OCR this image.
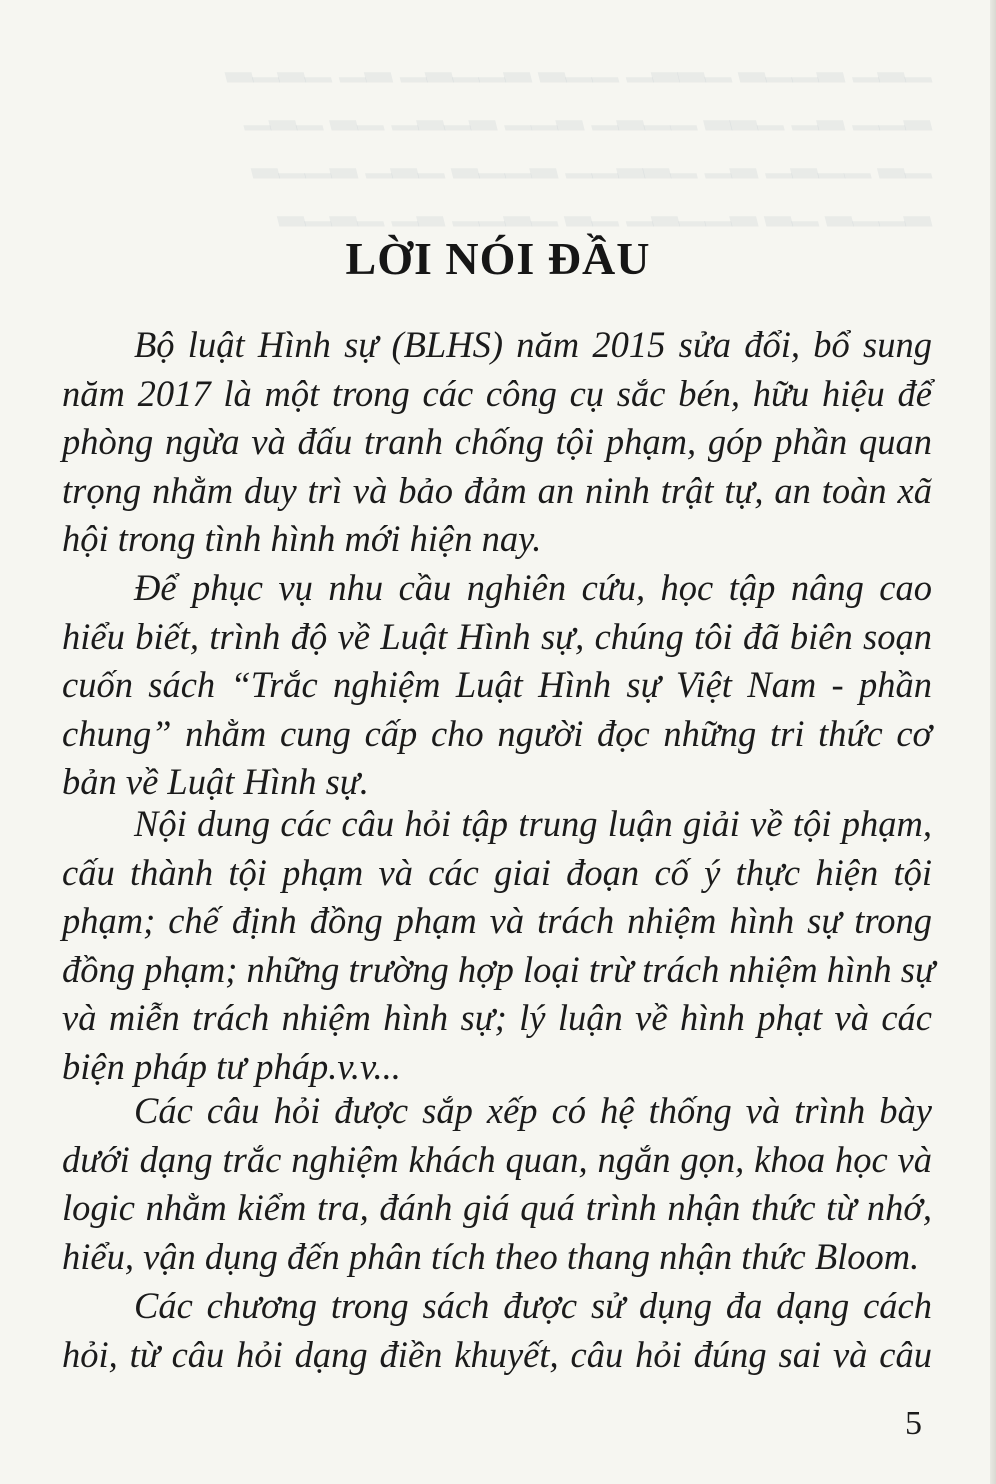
▁▂▁ ▂▁▁▂ ▁▂▂▁ ▁▁▂ ▂▁▁▂▁ ▂▁ ▁▂▁▂
▂▁▁ ▂▁ ▁▂▂ ▁▁▂▁ ▂▁▁ ▂▁▂▁ ▁▂ ▁▂▁
▁▂ ▁▁▂▁ ▂▁ ▁▂▂▁▁ ▂▁▁▂ ▁▂▁ ▂▁▁▂
▂▁▁▂ ▁▂ ▂▁▁▂▁ ▁▂ ▁▂▁▁ ▂▁ ▁▂▁▂
LỜI NÓI ĐẦU
Bộ luật Hình sự (BLHS) năm 2015 sửa đổi, bổ sung
năm 2017 là một trong các công cụ sắc bén, hữu hiệu để
phòng ngừa và đấu tranh chống tội phạm, góp phần quan
trọng nhằm duy trì và bảo đảm an ninh trật tự, an toàn xã
hội trong tình hình mới hiện nay.
Để phục vụ nhu cầu nghiên cứu, học tập nâng cao
hiểu biết, trình độ về Luật Hình sự, chúng tôi đã biên soạn
cuốn sách “Trắc nghiệm Luật Hình sự Việt Nam - phần
chung” nhằm cung cấp cho người đọc những tri thức cơ
bản về Luật Hình sự.
Nội dung các câu hỏi tập trung luận giải về tội phạm,
cấu thành tội phạm và các giai đoạn cố ý thực hiện tội
phạm; chế định đồng phạm và trách nhiệm hình sự trong
đồng phạm; những trường hợp loại trừ trách nhiệm hình sự
và miễn trách nhiệm hình sự; lý luận về hình phạt và các
biện pháp tư pháp.v.v...
Các câu hỏi được sắp xếp có hệ thống và trình bày
dưới dạng trắc nghiệm khách quan, ngắn gọn, khoa học và
logic nhằm kiểm tra, đánh giá quá trình nhận thức từ nhớ,
hiểu, vận dụng đến phân tích theo thang nhận thức Bloom.
Các chương trong sách được sử dụng đa dạng cách
hỏi, từ câu hỏi dạng điền khuyết, câu hỏi đúng sai và câu
5
